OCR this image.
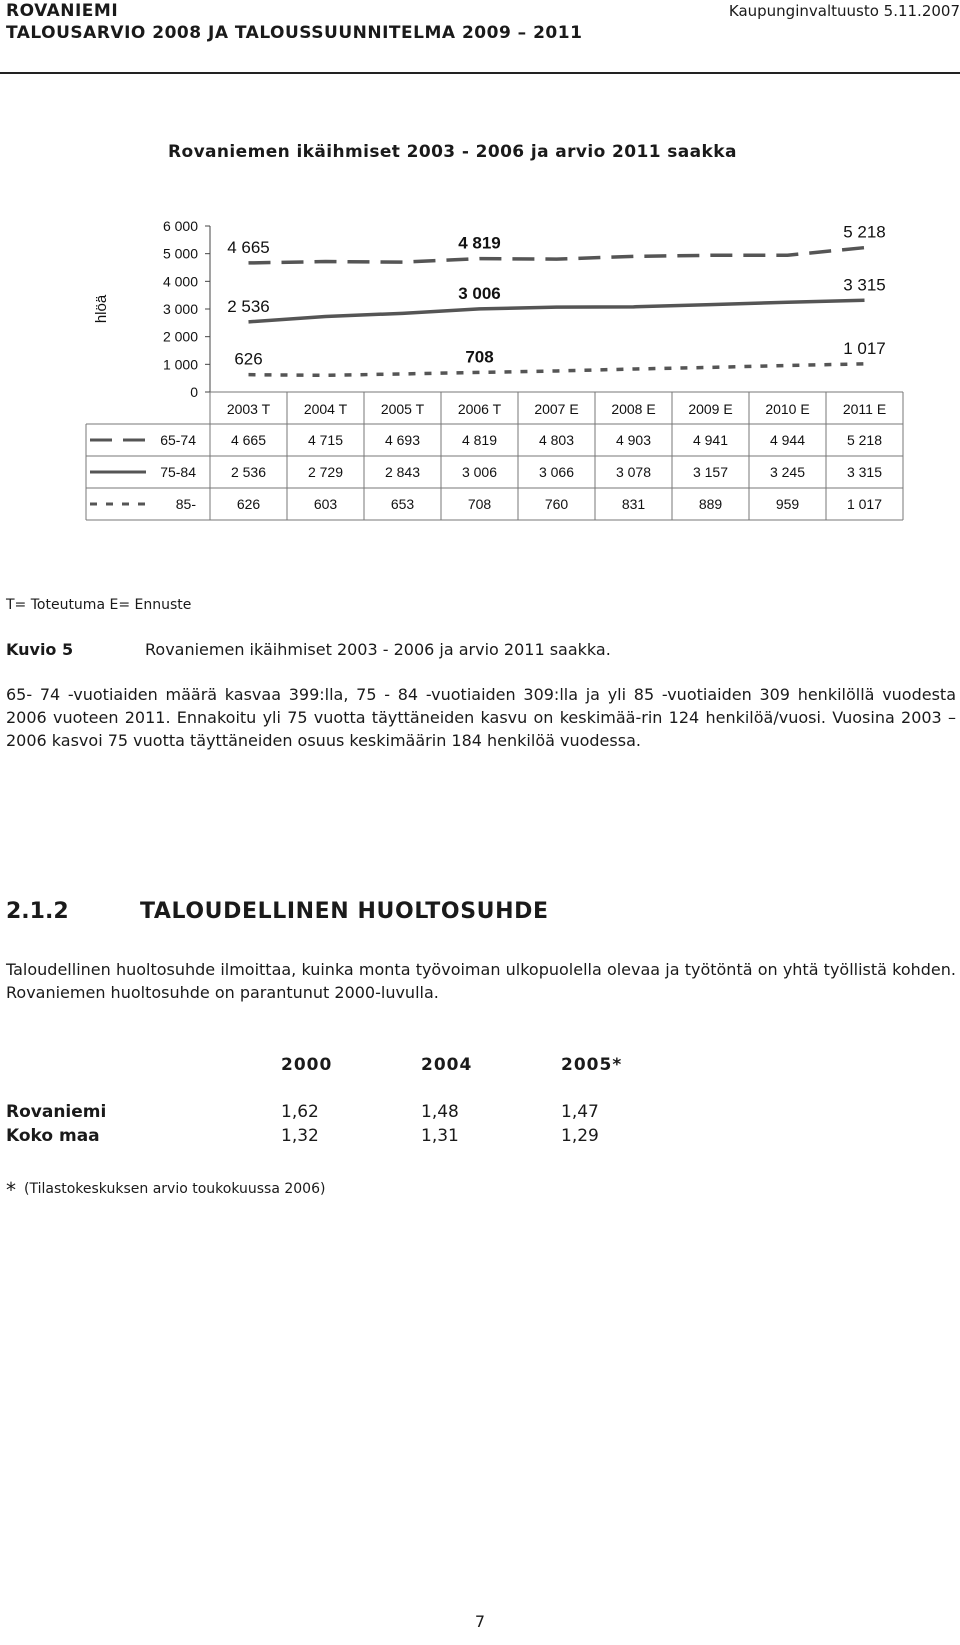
ROVANIEMI
TALOUSARVIO 2008 JA TALOUSSUUNNITELMA 2009 – 2011
Kaupunginvaltuusto 5.11.2007
Rovaniemen ikäihmiset 2003 - 2006 ja arvio 2011 saakka
hlöä
0
1 000
2 000
3 000
4 000
5 000
6 000
2003 T 2004 T 2005 T 2006 T 2007 E 2008 E 2009 E 2010 E 2011 E
4 665	4 819
5 218
65-74 4 665	4 715	4 693	4 819	4 803	4 903	4 941	4 944	5 218
2 536
3 006	3 315
75-84 2 536	2 729	2 843	3 006	3 066	3 078	3 157	3 245	3 315
626	708	1 017
85-	626	603	653	708	760	831	889	959	1 017
T= Toteutuma E= Ennuste
Kuvio 5	Rovaniemen ikäihmiset 2003 - 2006 ja arvio 2011 saakka.
65- 74 -vuotiaiden määrä kasvaa 399:lla, 75 - 84 -vuotiaiden 309:lla ja yli 85 -vuotiaiden 309 henkilöllä vuodesta 2006 vuoteen 2011. Ennakoitu yli 75 vuotta täyttäneiden kasvu on keskimää-rin 124 henkilöä/vuosi. Vuosina 2003 – 2006 kasvoi 75 vuotta täyttäneiden osuus keskimäärin 184 henkilöä vuodessa.
2.1.2	TALOUDELLINEN HUOLTOSUHDE
Taloudellinen huoltosuhde ilmoittaa, kuinka monta työvoiman ulkopuolella olevaa ja työtöntä on yhtä työllistä kohden. Rovaniemen huoltosuhde on parantunut 2000-luvulla.
2000	2004	2005*
Rovaniemi	1,62	1,48	1,47
Koko maa	1,32	1,31	1,29
* (Tilastokeskuksen arvio toukokuussa 2006)
7
